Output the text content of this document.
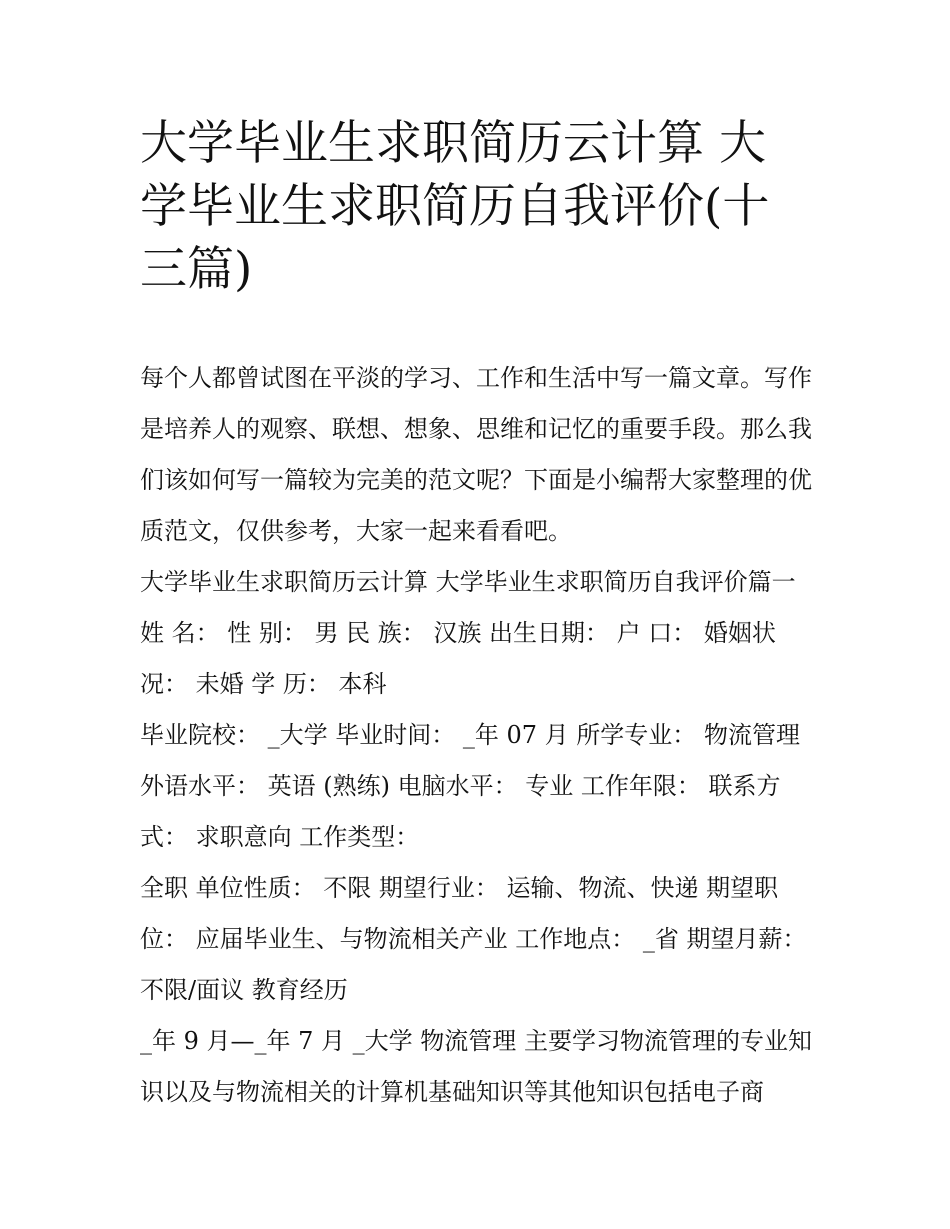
大学毕业生求职简历云计算 大学毕业生求职简历自我评价(十三篇)

每个人都曾试图在平淡的学习、工作和生活中写一篇文章。写作是培养人的观察、联想、想象、思维和记忆的重要手段。那么我们该如何写一篇较为完美的范文呢？下面是小编帮大家整理的优质范文，仅供参考，大家一起来看看吧。

大学毕业生求职简历云计算 大学毕业生求职简历自我评价篇一 姓 名： 性 别： 男 民 族： 汉族 出生日期： 户 口： 婚姻状况： 未婚 学 历： 本科

毕业院校： _大学 毕业时间： _年 07 月 所学专业： 物流管理 外语水平： 英语 (熟练) 电脑水平： 专业 工作年限： 联系方式： 求职意向 工作类型：

全职 单位性质： 不限 期望行业： 运输、物流、快递 期望职位： 应届毕业生、与物流相关产业 工作地点： _省 期望月薪： 不限/面议 教育经历

_年 9 月—_年 7 月 _大学 物流管理 主要学习物流管理的专业知识以及与物流相关的计算机基础知识等其他知识包括电子商
